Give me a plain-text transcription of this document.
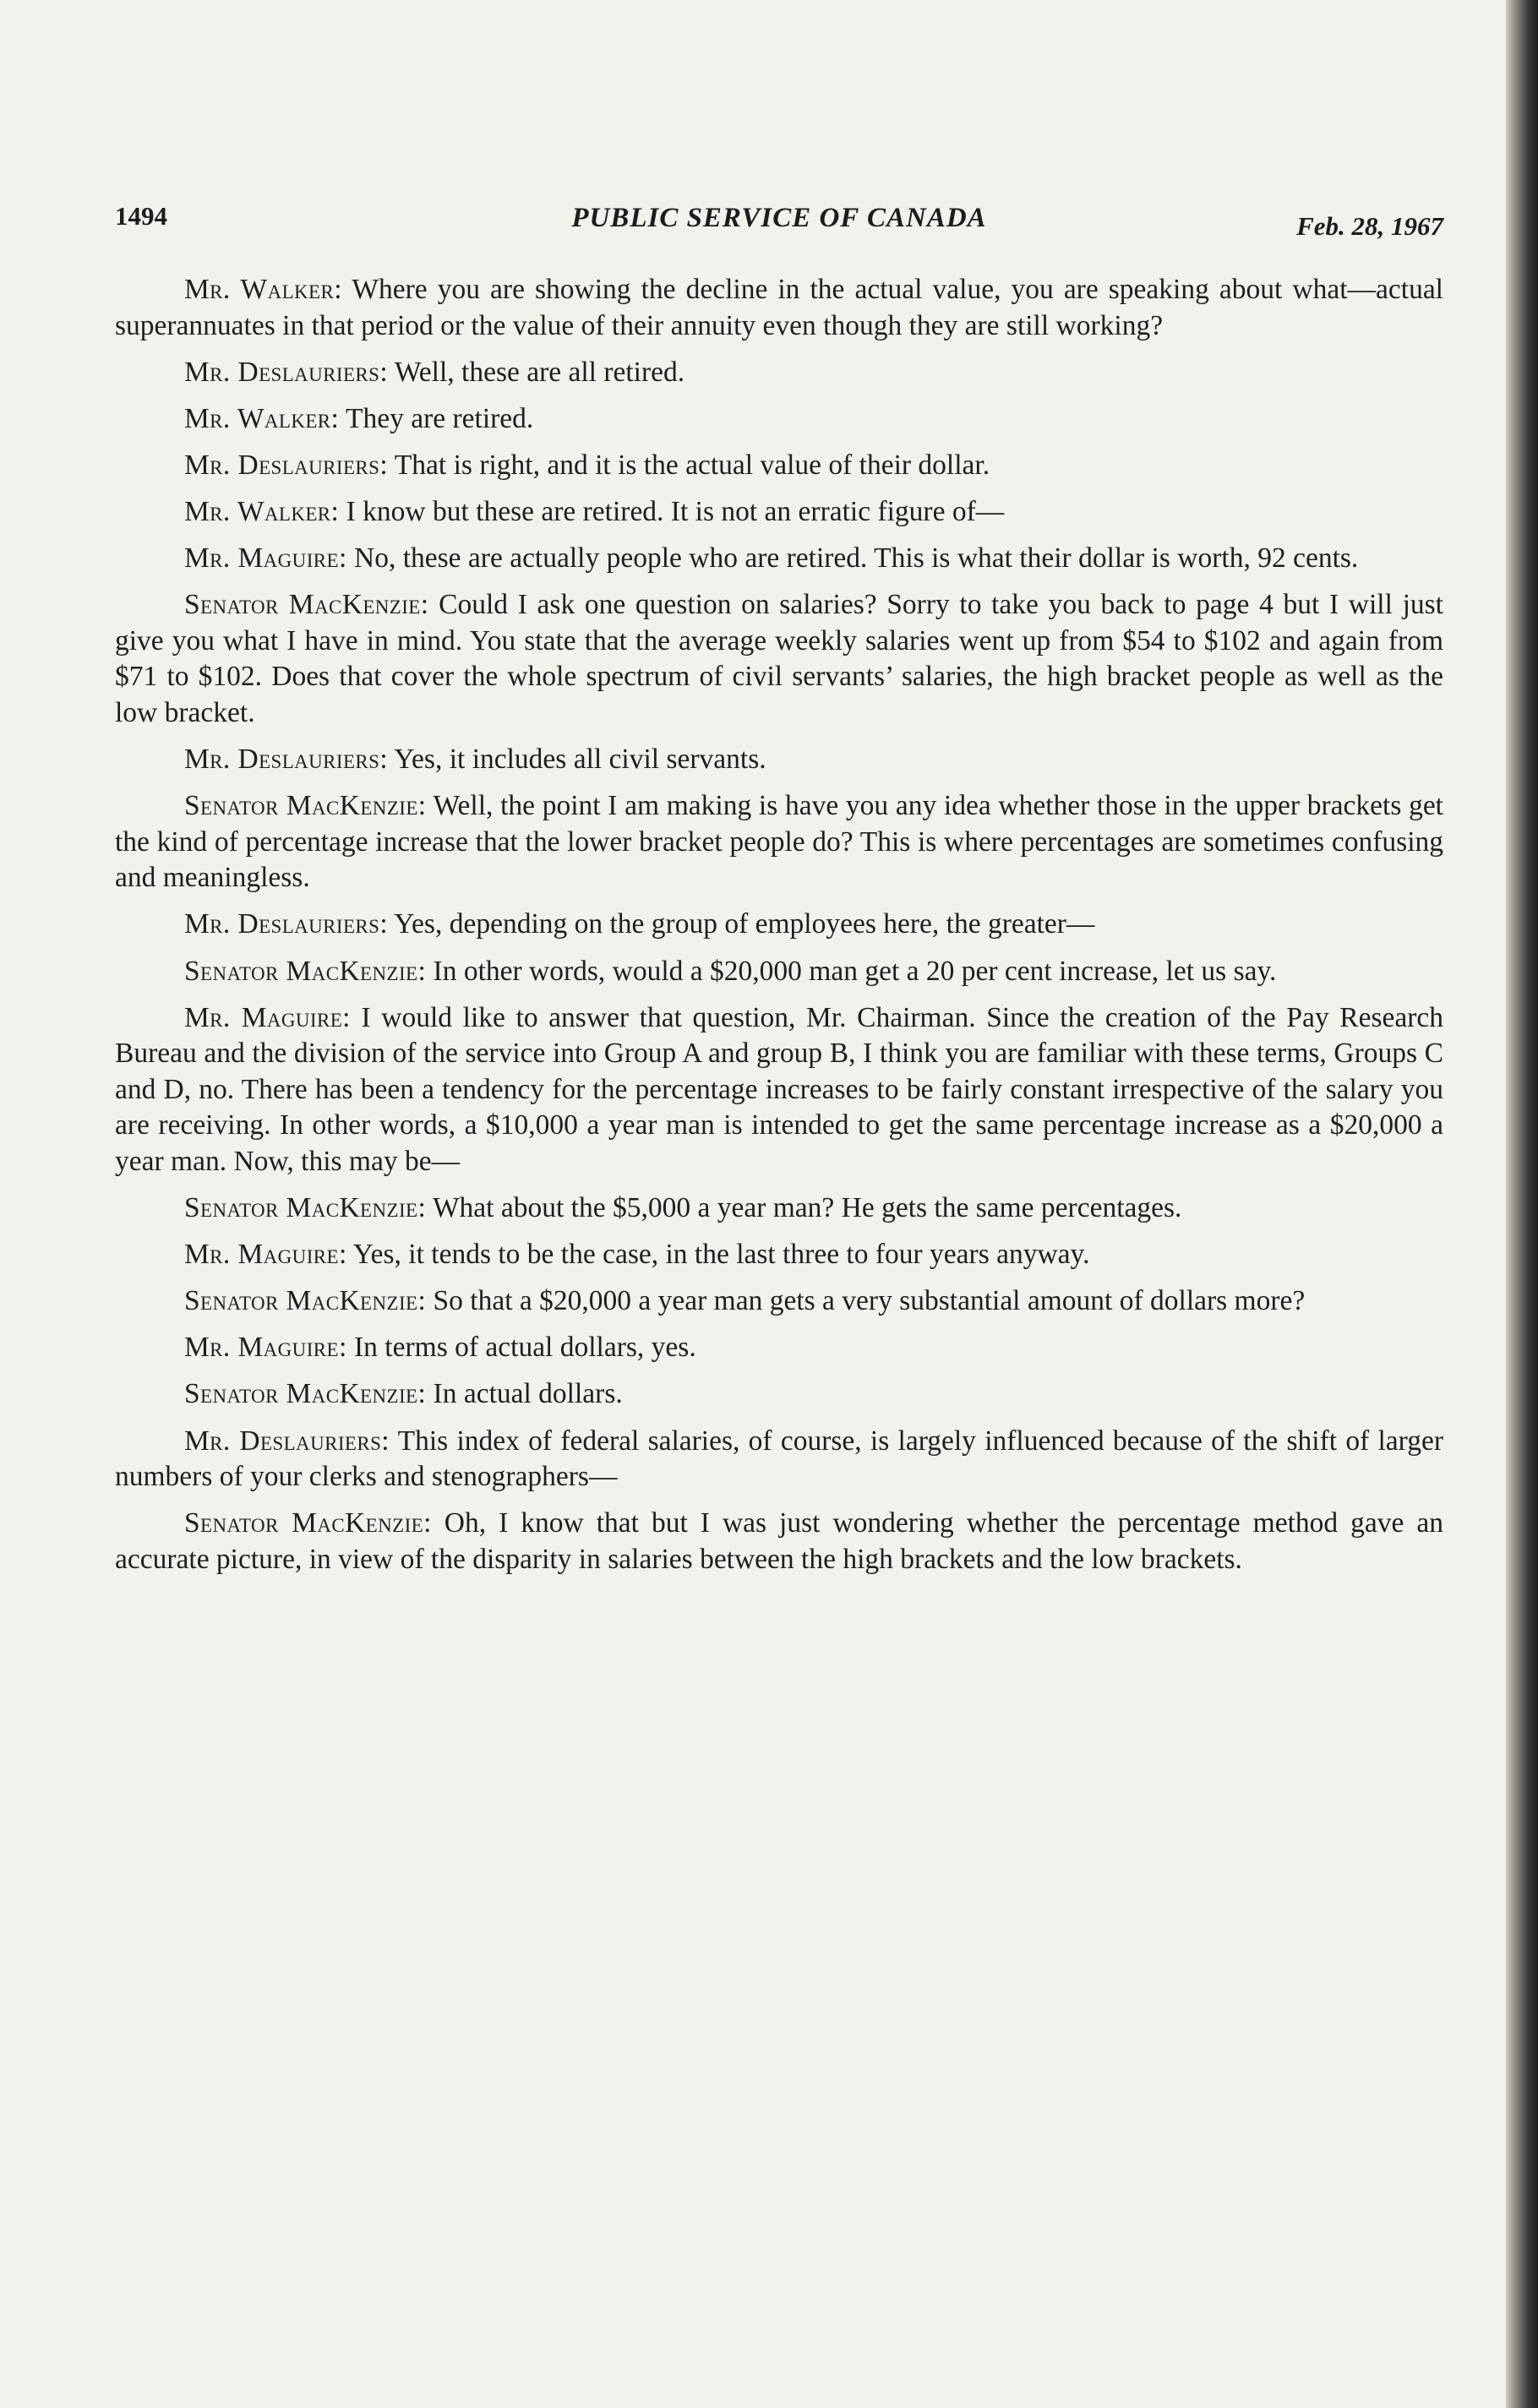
1494	PUBLIC SERVICE OF CANADA	Feb. 28, 1967

Mr. Walker: Where you are showing the decline in the actual value, you are speaking about what—actual superannuates in that period or the value of their annuity even though they are still working?

Mr. Deslauriers: Well, these are all retired.

Mr. Walker: They are retired.

Mr. Deslauriers: That is right, and it is the actual value of their dollar.

Mr. Walker: I know but these are retired. It is not an erratic figure of—

Mr. Maguire: No, these are actually people who are retired. This is what their dollar is worth, 92 cents.

Senator MacKenzie: Could I ask one question on salaries? Sorry to take you back to page 4 but I will just give you what I have in mind. You state that the average weekly salaries went up from $54 to $102 and again from $71 to $102. Does that cover the whole spectrum of civil servants’ salaries, the high bracket people as well as the low bracket.

Mr. Deslauriers: Yes, it includes all civil servants.

Senator MacKenzie: Well, the point I am making is have you any idea whether those in the upper brackets get the kind of percentage increase that the lower bracket people do? This is where percentages are sometimes confusing and meaningless.

Mr. Deslauriers: Yes, depending on the group of employees here, the greater—

Senator MacKenzie: In other words, would a $20,000 man get a 20 per cent increase, let us say.

Mr. Maguire: I would like to answer that question, Mr. Chairman. Since the creation of the Pay Research Bureau and the division of the service into Group A and group B, I think you are familiar with these terms, Groups C and D, no. There has been a tendency for the percentage increases to be fairly constant irrespective of the salary you are receiving. In other words, a $10,000 a year man is intended to get the same percentage increase as a $20,000 a year man. Now, this may be—

Senator MacKenzie: What about the $5,000 a year man? He gets the same percentages.

Mr. Maguire: Yes, it tends to be the case, in the last three to four years anyway.

Senator MacKenzie: So that a $20,000 a year man gets a very substantial amount of dollars more?

Mr. Maguire: In terms of actual dollars, yes.

Senator MacKenzie: In actual dollars.

Mr. Deslauriers: This index of federal salaries, of course, is largely influenced because of the shift of larger numbers of your clerks and stenographers—

Senator MacKenzie: Oh, I know that but I was just wondering whether the percentage method gave an accurate picture, in view of the disparity in salaries between the high brackets and the low brackets.
